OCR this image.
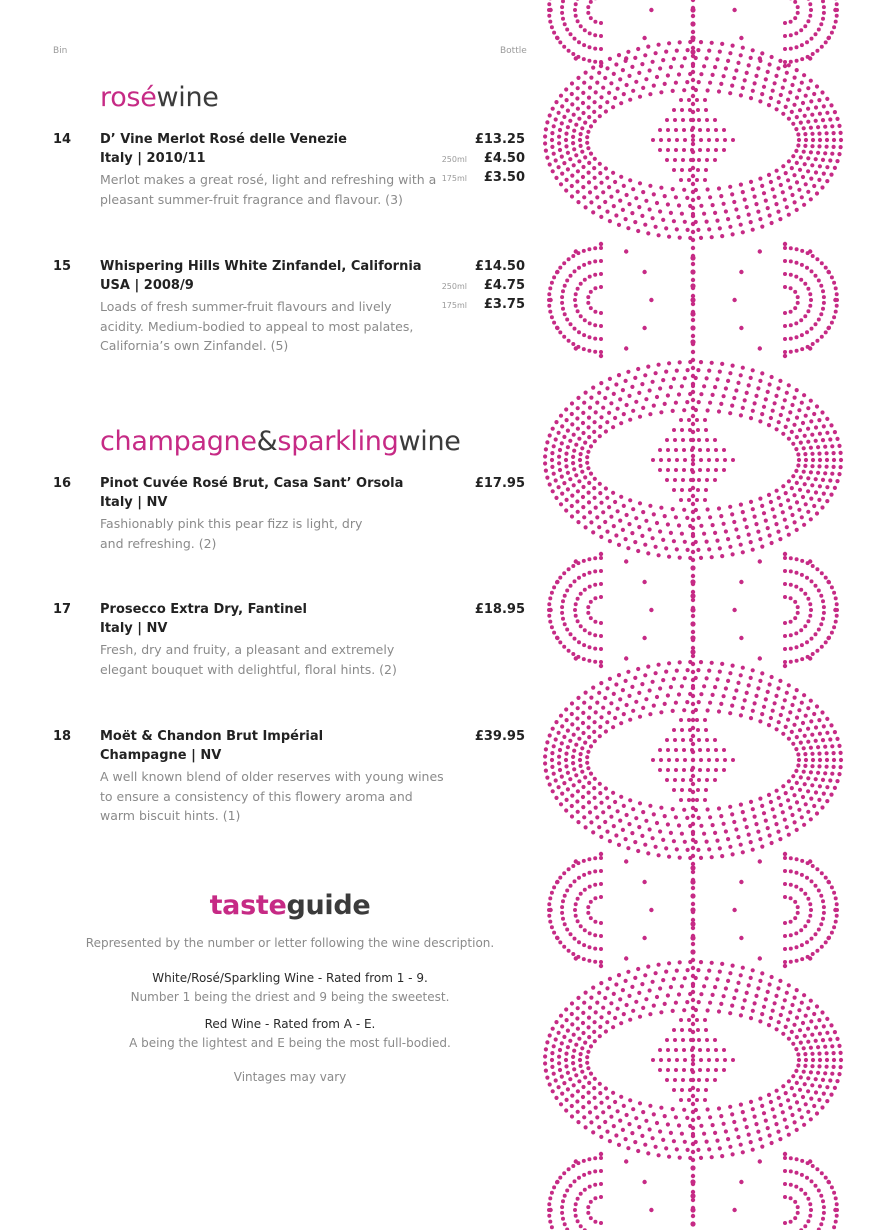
Bin	Bottle
roséwine
14 D’ Vine Merlot Rosé delle Venezie
Italy | 2010/11
Merlot makes a great rosé, light and refreshing with a pleasant summer-fruit fragrance and flavour. (3)
£13.25
250ml	£4.50
175ml	£3.50
15 Whispering Hills White Zinfandel, California
USA | 2008/9
Loads of fresh summer-fruit flavours and lively acidity. Medium-bodied to appeal to most palates, California’s own Zinfandel. (5)
£14.50
250ml	£4.75
175ml	£3.75
champagne&sparklingwine
16 Pinot Cuvée Rosé Brut, Casa Sant’ Orsola
Italy | NV
Fashionably pink this pear fizz is light, dry and refreshing. (2)
£17.95
17 Prosecco Extra Dry, Fantinel
Italy | NV
Fresh, dry and fruity, a pleasant and extremely elegant bouquet with delightful, floral hints. (2)
£18.95
18 Moët & Chandon Brut Impérial
Champagne | NV
A well known blend of older reserves with young wines to ensure a consistency of this flowery aroma and warm biscuit hints. (1)
£39.95
tasteguide
Represented by the number or letter following the wine description.
White/Rosé/Sparkling Wine - Rated from 1 - 9.
Number 1 being the driest and 9 being the sweetest.
Red Wine - Rated from A - E.
A being the lightest and E being the most full-bodied.
Vintages may vary
